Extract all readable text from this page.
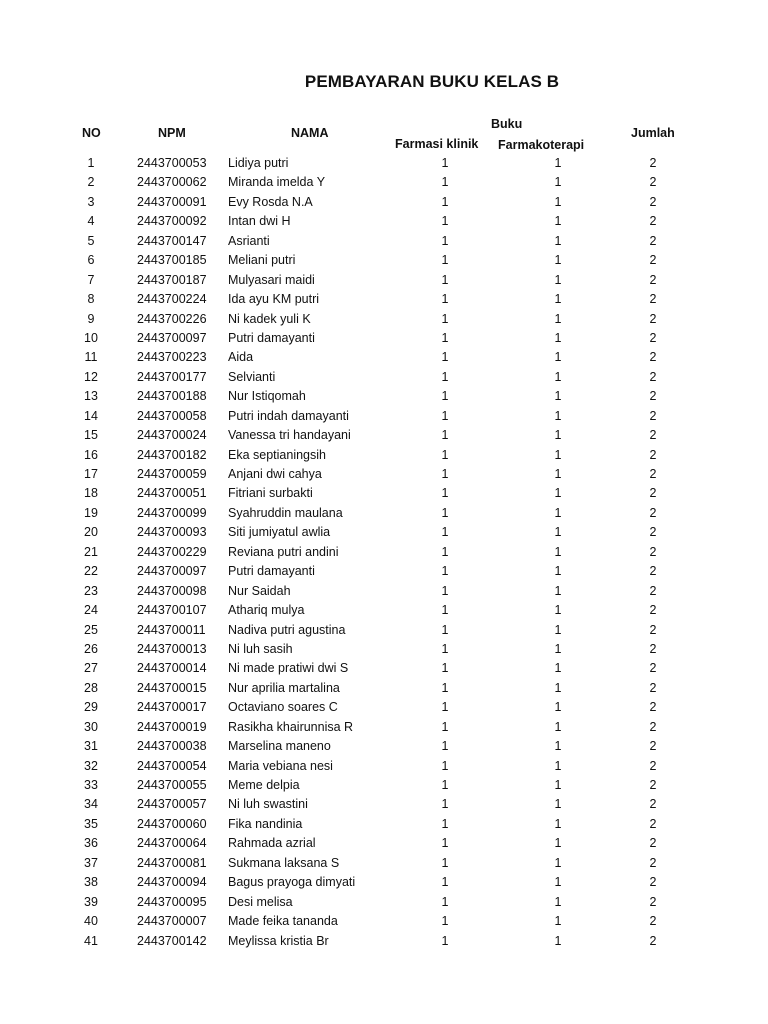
PEMBAYARAN BUKU KELAS B
NO	NPM	NAMA
Buku
Farmasi klinik Farmakoterapi
Jumlah
1	2443700053	Lidiya putri	1	1	2
2	2443700062	Miranda imelda Y	1	1	2
3	2443700091	Evy Rosda N.A	1	1	2
4	2443700092	Intan dwi H	1	1	2
5	2443700147	Asrianti	1	1	2
6	2443700185	Meliani putri	1	1	2
7	2443700187	Mulyasari maidi	1	1	2
8	2443700224	Ida ayu KM putri	1	1	2
9	2443700226	Ni kadek yuli K	1	1	2
10	2443700097	Putri damayanti	1	1	2
11	2443700223	Aida	1	1	2
12	2443700177	Selvianti	1	1	2
13	2443700188	Nur Istiqomah	1	1	2
14	2443700058	Putri indah damayanti	1	1	2
15	2443700024	Vanessa tri handayani	1	1	2
16	2443700182	Eka septianingsih	1	1	2
17	2443700059	Anjani dwi cahya	1	1	2
18	2443700051	Fitriani surbakti	1	1	2
19	2443700099	Syahruddin maulana	1	1	2
20	2443700093	Siti jumiyatul awlia	1	1	2
21	2443700229	Reviana putri andini	1	1	2
22	2443700097	Putri damayanti	1	1	2
23	2443700098	Nur Saidah	1	1	2
24	2443700107	Athariq mulya	1	1	2
25	2443700011	Nadiva putri agustina	1	1	2
26	2443700013	Ni luh sasih	1	1	2
27	2443700014	Ni made pratiwi dwi S	1	1	2
28	2443700015	Nur aprilia martalina	1	1	2
29	2443700017	Octaviano soares C	1	1	2
30	2443700019	Rasikha khairunnisa R	1	1	2
31	2443700038	Marselina maneno	1	1	2
32	2443700054	Maria vebiana nesi	1	1	2
33	2443700055	Meme delpia	1	1	2
34	2443700057	Ni luh swastini	1	1	2
35	2443700060	Fika nandinia	1	1	2
36	2443700064	Rahmada azrial	1	1	2
37	2443700081	Sukmana laksana S	1	1	2
38	2443700094	Bagus prayoga dimyati	1	1	2
39	2443700095	Desi melisa	1	1	2
40	2443700007	Made feika tananda	1	1	2
41	2443700142	Meylissa kristia Br	1	1	2
